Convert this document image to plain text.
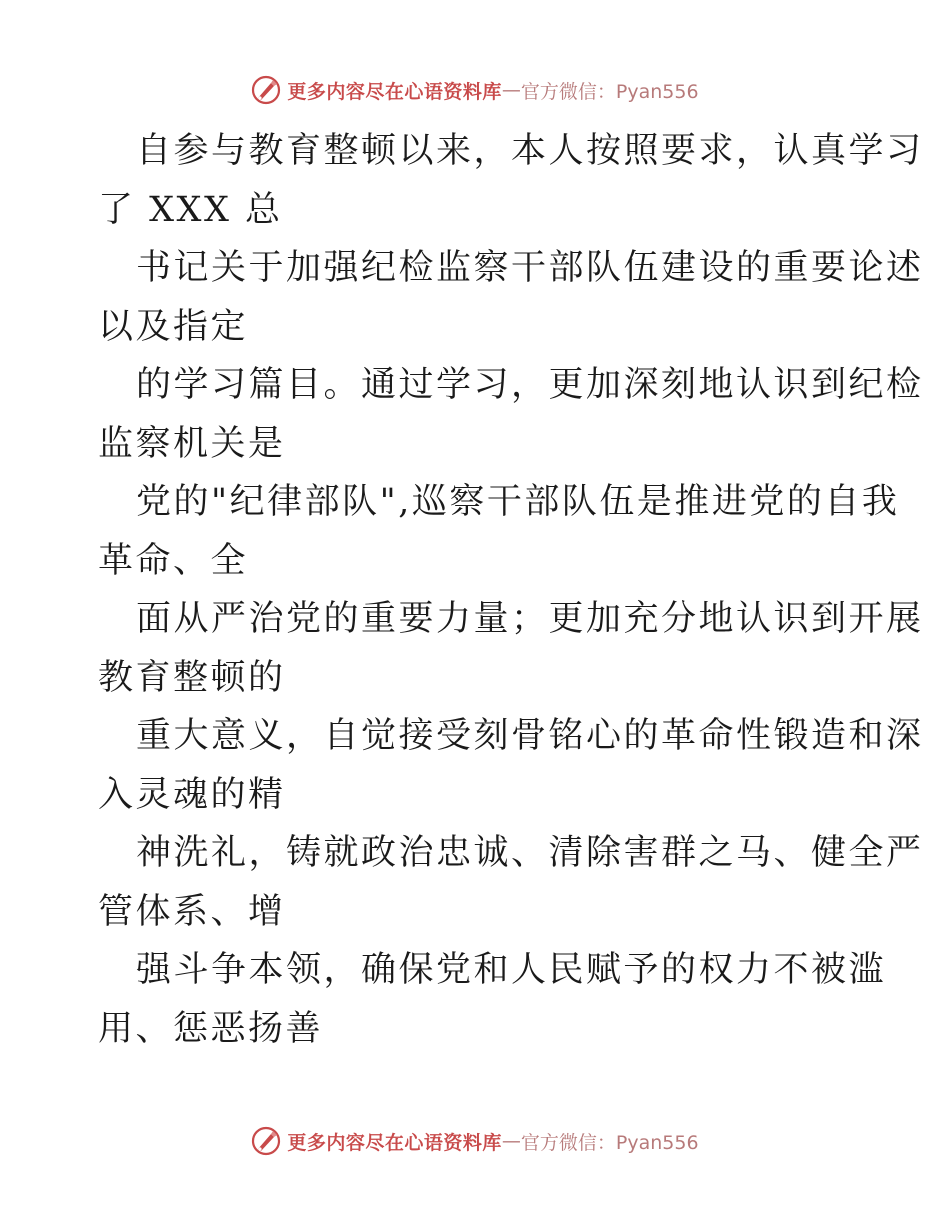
更多内容尽在心语资料库 — 官方微信：Pyan556
自参与教育整顿以来，本人按照要求，认真学习
了 XXX 总
书记关于加强纪检监察干部队伍建设的重要论述
以及指定
的学习篇目。通过学习，更加深刻地认识到纪检
监察机关是
党的"纪律部队",巡察干部队伍是推进党的自我
革命、全
面从严治党的重要力量；更加充分地认识到开展
教育整顿的
重大意义，自觉接受刻骨铭心的革命性锻造和深
入灵魂的精
神洗礼，铸就政治忠诚、清除害群之马、健全严
管体系、增
强斗争本领，确保党和人民赋予的权力不被滥
用、惩恶扬善
更多内容尽在心语资料库 — 官方微信：Pyan556
